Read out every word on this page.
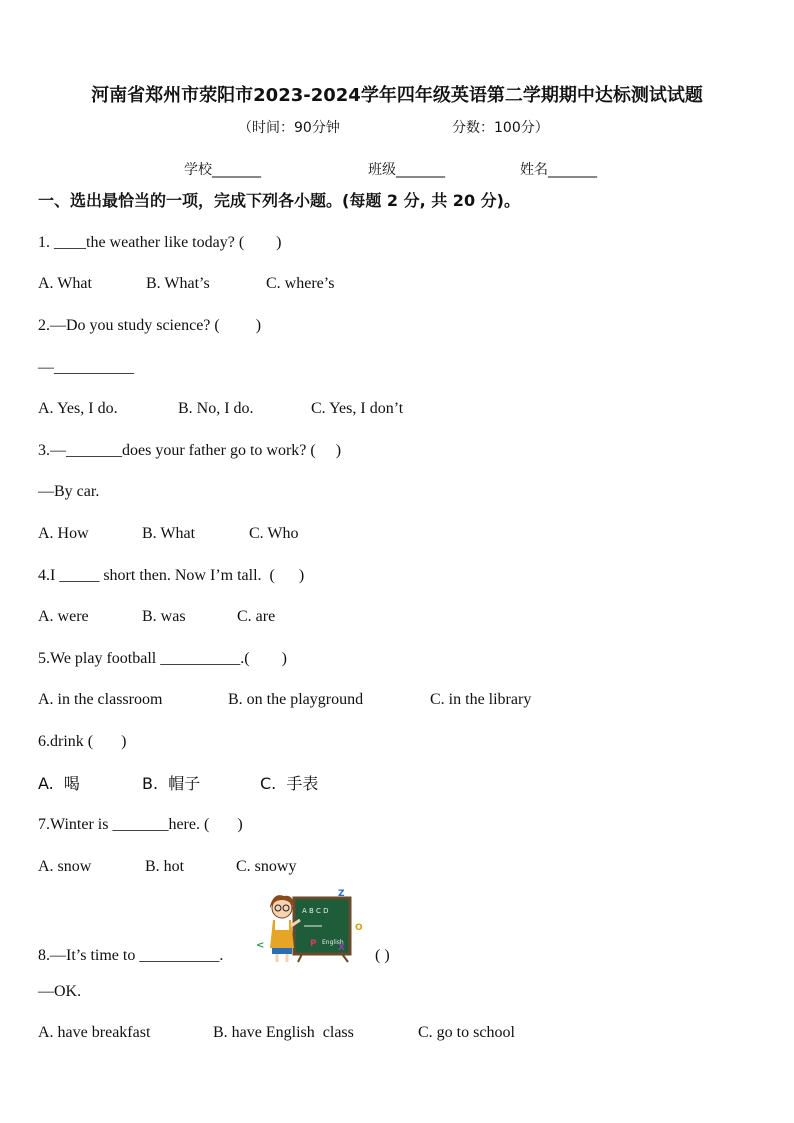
河南省郑州市荥阳市2023-2024学年四年级英语第二学期期中达标测试试题
（时间：90分钟	分数：100分）
学校_______	班级_______	姓名_______
一、选出最恰当的一项，完成下列各小题。(每题 2 分, 共 20 分)。
1. ____the weather like today? (        )
A. What	B. What’s	C. where’s
2.—Do you study science? (         )
—__________
A. Yes, I do.	B. No, I do.	C. Yes, I don’t
3.—_______does your father go to work? (     )
—By car.
A. How	B. What	C. Who
4.I _____ short then. Now I’m tall.  (      )
A. were	B. was	C. are
5.We play football __________.(        )
A. in the classroom	B. on the playground	C. in the library
6.drink (       )
A.  喝	B.  帽子	C.  手表
7.Winter is _______here. (       )
A. snow	B. hot	C. snowy
8.—It’s time to __________.
A B C D
English
Z
O
P X
<
( )
—OK.
A. have breakfast	B. have English  class	C. go to school
